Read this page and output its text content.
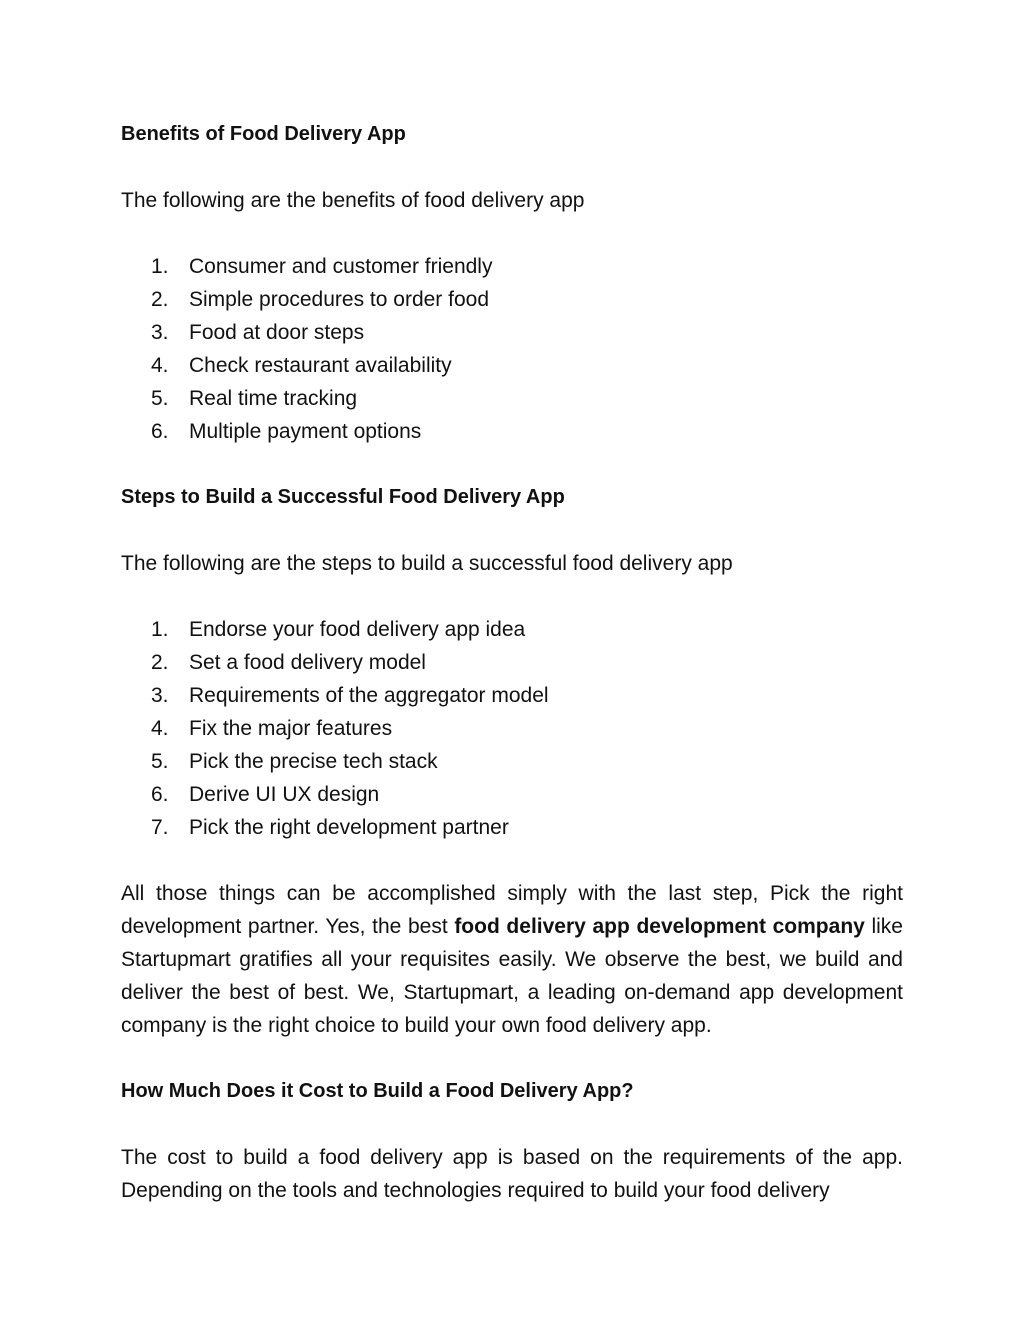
Benefits of Food Delivery App

The following are the benefits of food delivery app

1. Consumer and customer friendly
2. Simple procedures to order food
3. Food at door steps
4. Check restaurant availability
5. Real time tracking
6. Multiple payment options

Steps to Build a Successful Food Delivery App

The following are the steps to build a successful food delivery app

1. Endorse your food delivery app idea
2. Set a food delivery model
3. Requirements of the aggregator model
4. Fix the major features
5. Pick the precise tech stack
6. Derive UI UX design
7. Pick the right development partner

All those things can be accomplished simply with the last step, Pick the right development partner. Yes, the best food delivery app development company like Startupmart gratifies all your requisites easily. We observe the best, we build and deliver the best of best. We, Startupmart, a leading on-demand app development company is the right choice to build your own food delivery app.

How Much Does it Cost to Build a Food Delivery App?

The cost to build a food delivery app is based on the requirements of the app. Depending on the tools and technologies required to build your food delivery
